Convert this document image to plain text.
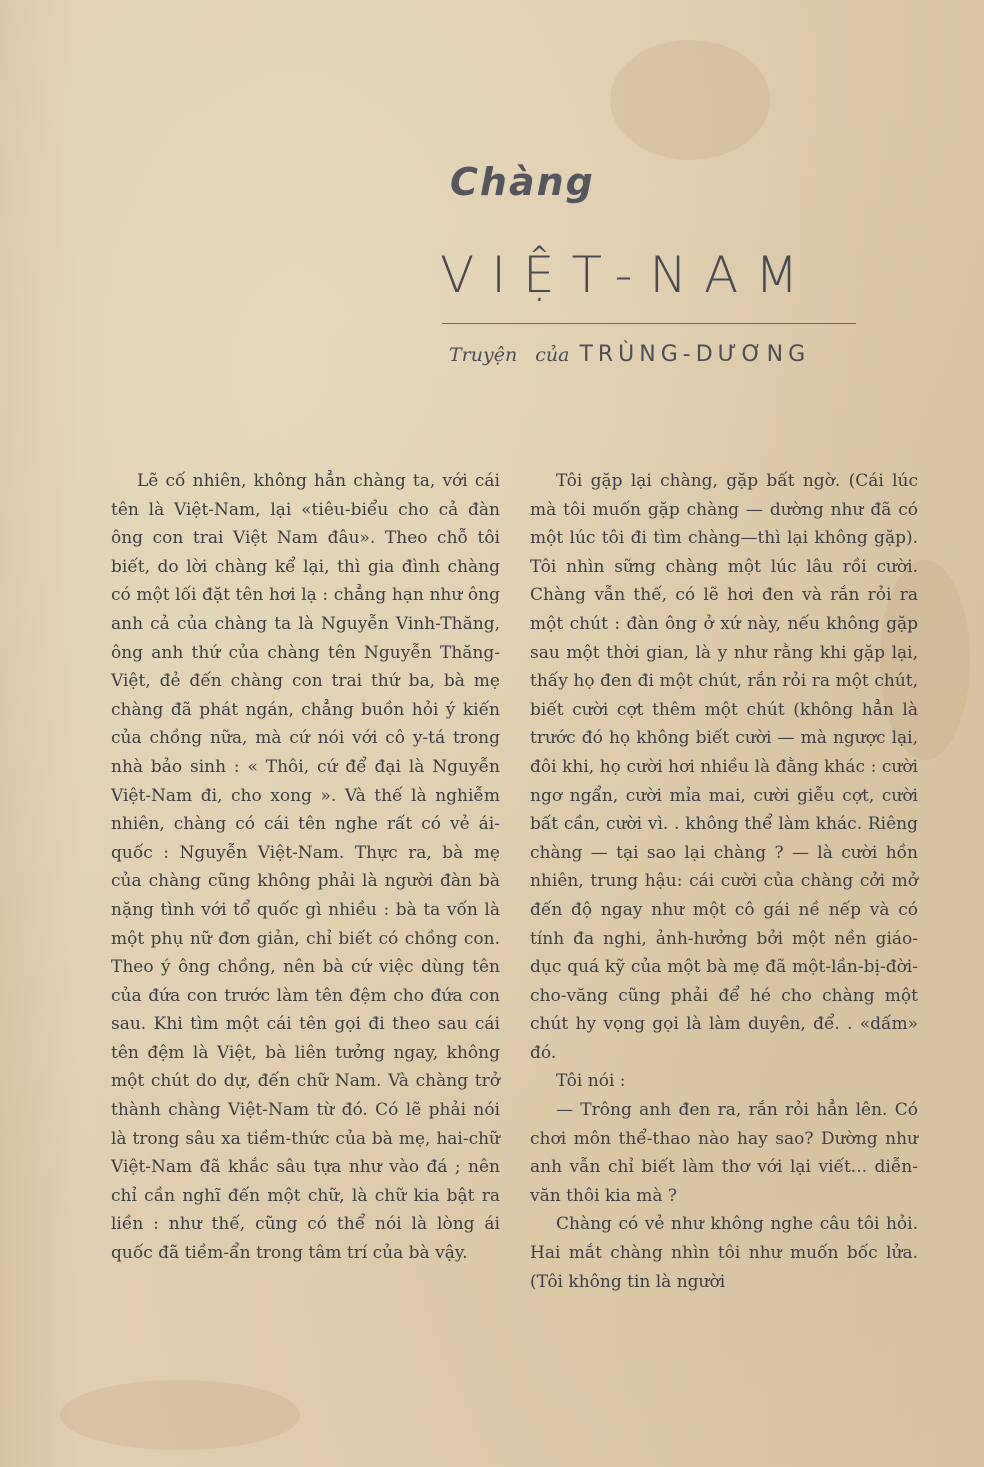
Chàng
VIỆT-NAM
Truyện của TRÙNG-DƯƠNG

Lẽ cố nhiên, không hẳn chàng ta, với cái tên là Việt-Nam, lại «tiêu-biểu cho cả đàn ông con trai Việt Nam đâu». Theo chỗ tôi biết, do lời chàng kể lại, thì gia đình chàng có một lối đặt tên hơi lạ : chẳng hạn như ông anh cả của chàng ta là Nguyễn Vinh-Thăng, ông anh thứ của chàng tên Nguyễn Thăng-Việt, đẻ đến chàng con trai thứ ba, bà mẹ chàng đã phát ngán, chẳng buồn hỏi ý kiến của chồng nữa, mà cứ nói với cô y-tá trong nhà bảo sinh : « Thôi, cứ để đại là Nguyễn Việt-Nam đi, cho xong ». Và thế là nghiễm nhiên, chàng có cái tên nghe rất có vẻ ái-quốc : Nguyễn Việt-Nam. Thực ra, bà mẹ của chàng cũng không phải là người đàn bà nặng tình với tổ quốc gì nhiều : bà ta vốn là một phụ nữ đơn giản, chỉ biết có chồng con. Theo ý ông chồng, nên bà cứ việc dùng tên của đứa con trước làm tên đệm cho đứa con sau. Khi tìm một cái tên gọi đi theo sau cái tên đệm là Việt, bà liên tưởng ngay, không một chút do dự, đến chữ Nam. Và chàng trở thành chàng Việt-Nam từ đó. Có lẽ phải nói là trong sâu xa tiềm-thức của bà mẹ, hai-chữ Việt-Nam đã khắc sâu tựa như vào đá ; nên chỉ cần nghĩ đến một chữ, là chữ kia bật ra liền : như thế, cũng có thể nói là lòng ái quốc đã tiềm-ẩn trong tâm trí của bà vậy.

Tôi gặp lại chàng, gặp bất ngờ. (Cái lúc mà tôi muốn gặp chàng — dường như đã có một lúc tôi đi tìm chàng—thì lại không gặp). Tôi nhìn sững chàng một lúc lâu rồi cười. Chàng vẫn thế, có lẽ hơi đen và rắn rỏi ra một chút : đàn ông ở xứ này, nếu không gặp sau một thời gian, là y như rằng khi gặp lại, thấy họ đen đi một chút, rắn rỏi ra một chút, biết cười cợt thêm một chút (không hẳn là trước đó họ không biết cười — mà ngược lại, đôi khi, họ cười hơi nhiều là đằng khác : cười ngơ ngẩn, cười mỉa mai, cười giễu cợt, cười bất cần, cười vì. . không thể làm khác. Riêng chàng — tại sao lại chàng ? — là cười hồn nhiên, trung hậu: cái cười của chàng cởi mở đến độ ngay như một cô gái nề nếp và có tính đa nghi, ảnh-hưởng bởi một nền giáo-dục quá kỹ của một bà mẹ đã một-lần-bị-đời-cho-văng cũng phải để hé cho chàng một chút hy vọng gọi là làm duyên, để. . «dấm» đó.

Tôi nói :

— Trông anh đen ra, rắn rỏi hẳn lên. Có chơi môn thể-thao nào hay sao? Dường như anh vẫn chỉ biết làm thơ với lại viết... diễn-văn thôi kia mà ?

Chàng có vẻ như không nghe câu tôi hỏi. Hai mắt chàng nhìn tôi như muốn bốc lửa. (Tôi không tin là người
